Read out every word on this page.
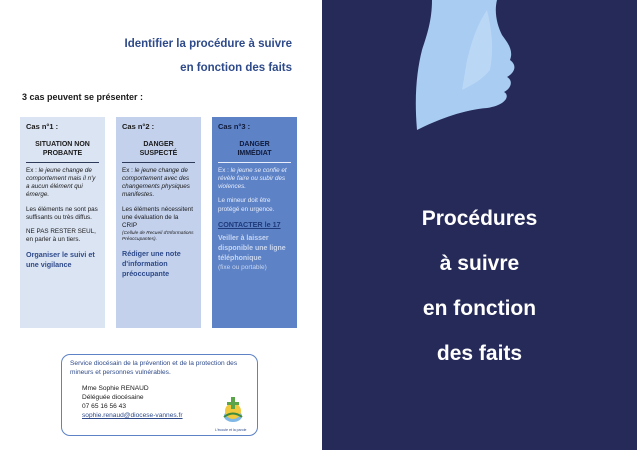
Identifier la procédure à suivre
en fonction des faits
3 cas peuvent se présenter :
Cas n°1 :
SITUATION NON
PROBANTE
Ex : le jeune change de comportement mais il n'y a aucun élément qui émerge.
Les éléments ne sont pas suffisants ou très diffus.
NE PAS RESTER SEUL, en parler à un tiers.
Organiser le suivi et une vigilance
Cas n°2 :
DANGER
SUSPECTÉ
Ex : le jeune change de comportement avec des changements physiques manifestes.
Les éléments nécessitent une évaluation de la CRIP
(Cellule de Recueil d'Informations Préoccupantes).
Rédiger une note d'information préoccupante
Cas n°3 :
DANGER
IMMÉDIAT
Ex : le jeune se confie et révèle faire ou subir des violences.
Le mineur doit être protégé en urgence.
CONTACTER le 17
Veiller à laisser disponible une ligne téléphonique
(fixe ou portable)
Service diocésain de la prévention et de la protection des mineurs et personnes vulnérables.
Mme Sophie RENAUD
Déléguée diocésaine
07 65 16 56 43
sophie.renaud@diocese-vannes.fr
L'écoute et la parole
Procédures
à suivre
en fonction
des faits
